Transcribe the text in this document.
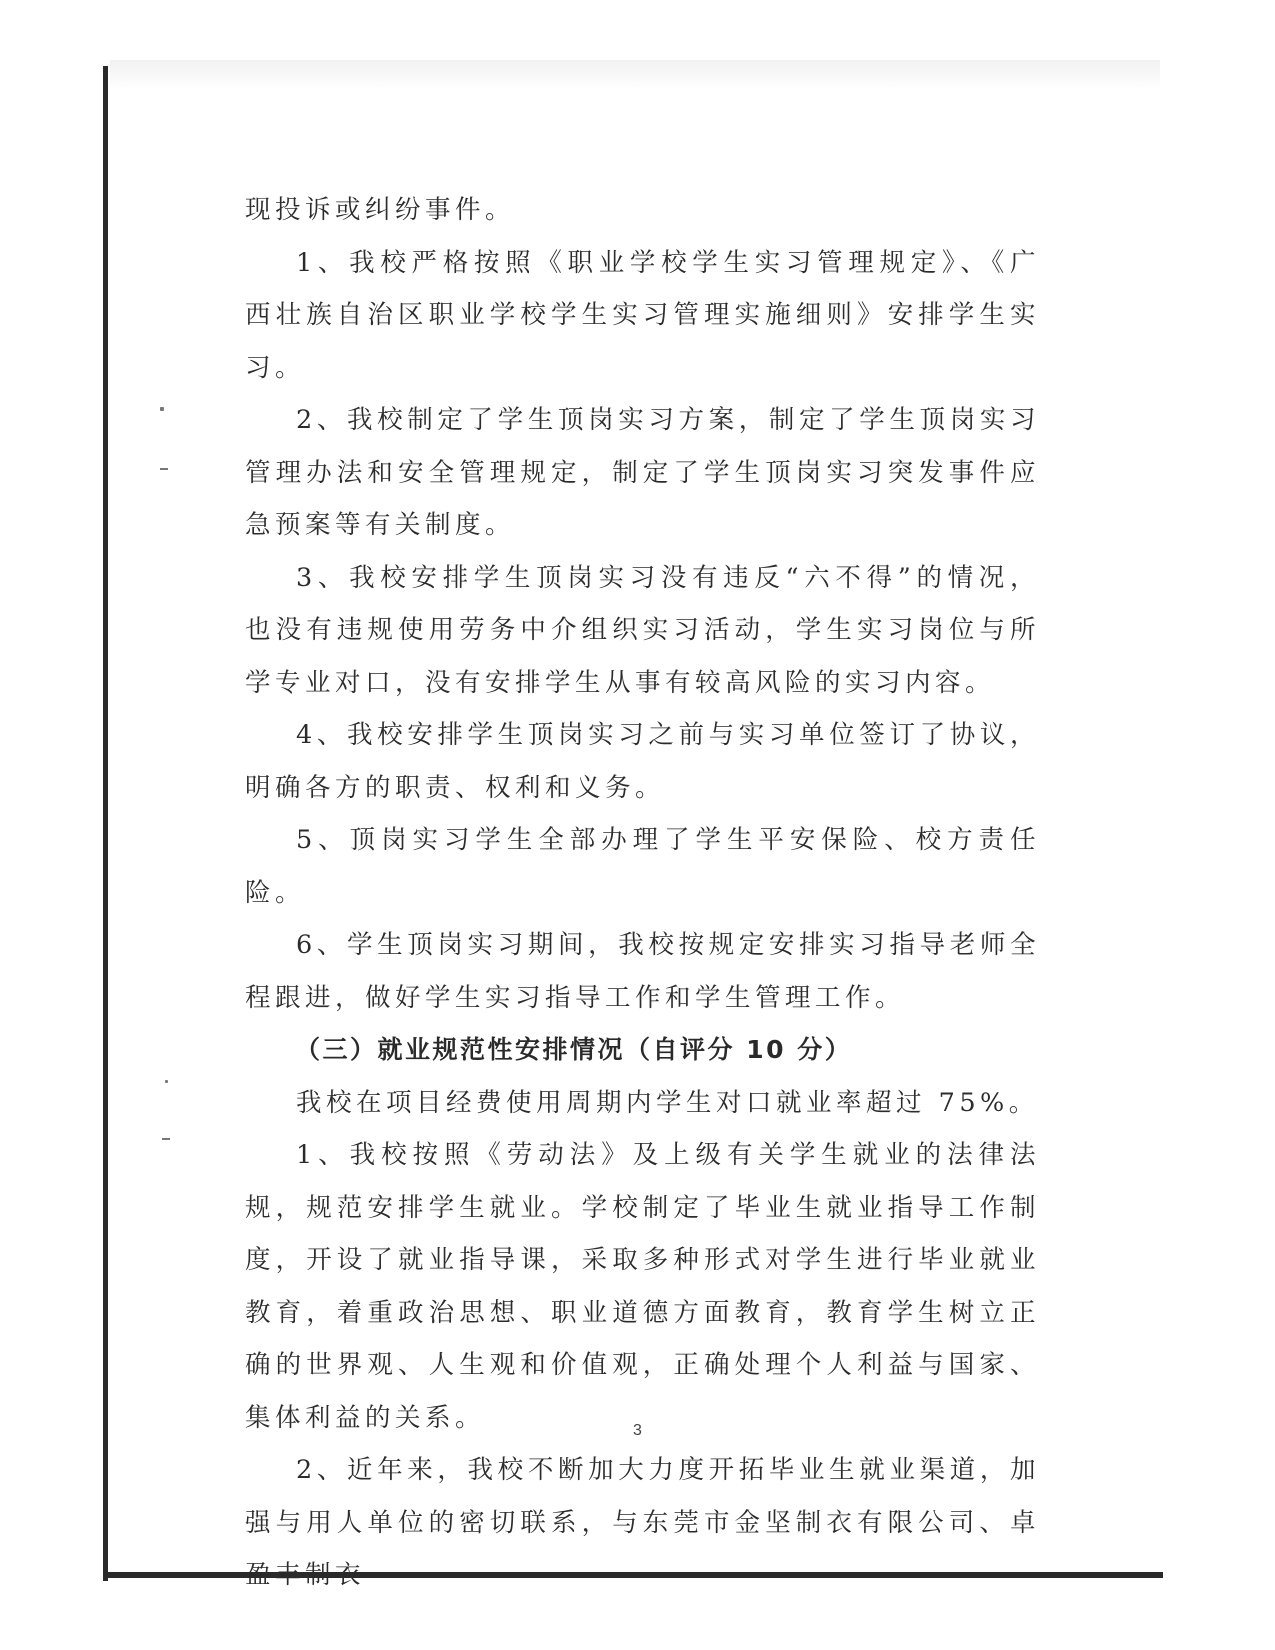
现投诉或纠纷事件。

1、我校严格按照《职业学校学生实习管理规定》、《广西壮族自治区职业学校学生实习管理实施细则》安排学生实习。

2、我校制定了学生顶岗实习方案，制定了学生顶岗实习管理办法和安全管理规定，制定了学生顶岗实习突发事件应急预案等有关制度。

3、我校安排学生顶岗实习没有违反“六不得”的情况，也没有违规使用劳务中介组织实习活动，学生实习岗位与所学专业对口，没有安排学生从事有较高风险的实习内容。

4、我校安排学生顶岗实习之前与实习单位签订了协议，明确各方的职责、权利和义务。

5、顶岗实习学生全部办理了学生平安保险、校方责任险。

6、学生顶岗实习期间，我校按规定安排实习指导老师全程跟进，做好学生实习指导工作和学生管理工作。

（三）就业规范性安排情况（自评分 10 分）

我校在项目经费使用周期内学生对口就业率超过 75%。

1、我校按照《劳动法》及上级有关学生就业的法律法规，规范安排学生就业。学校制定了毕业生就业指导工作制度，开设了就业指导课，采取多种形式对学生进行毕业就业教育，着重政治思想、职业道德方面教育，教育学生树立正确的世界观、人生观和价值观，正确处理个人利益与国家、集体利益的关系。

2、近年来，我校不断加大力度开拓毕业生就业渠道，加强与用人单位的密切联系，与东莞市金坚制衣有限公司、卓盈丰制衣

3
